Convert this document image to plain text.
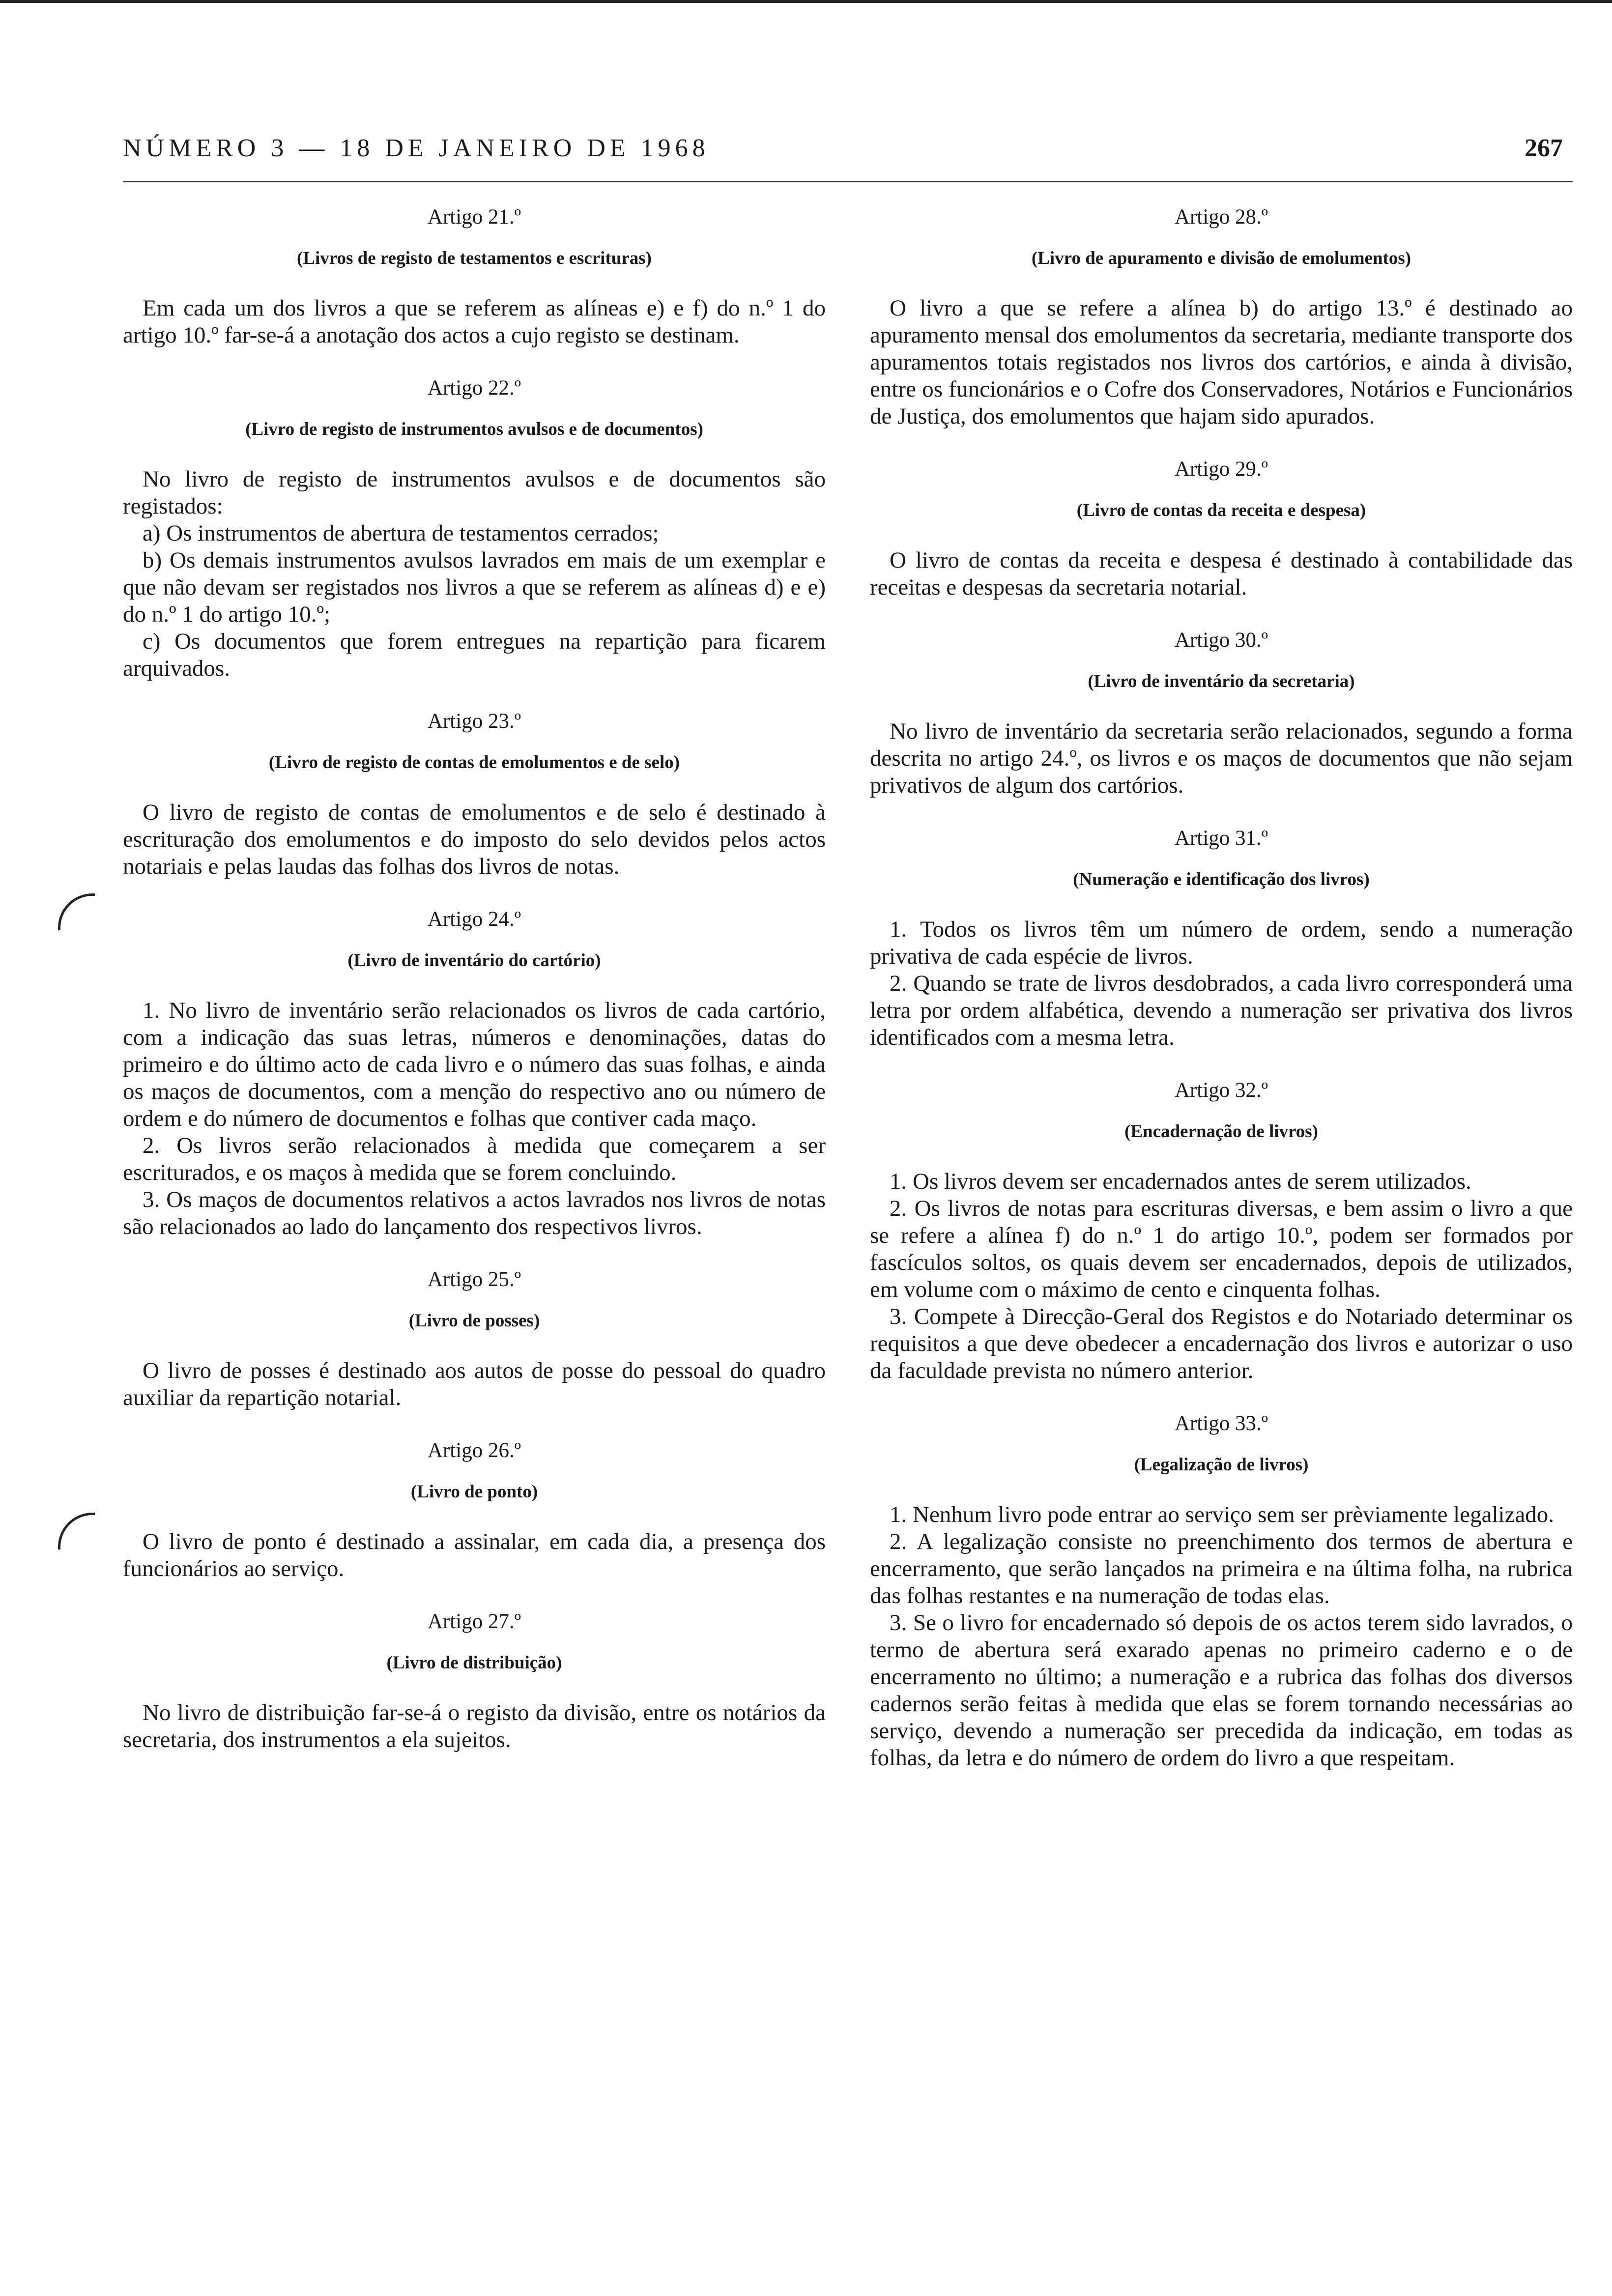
NÚMERO 3 — 18 DE JANEIRO DE 1968	267

Artigo 21.º

(Livros de registo de testamentos e escrituras)

Em cada um dos livros a que se referem as alíneas e) e f) do n.º 1 do artigo 10.º far-se-á a anotação dos actos a cujo registo se destinam.

Artigo 22.º

(Livro de registo de instrumentos avulsos e de documentos)

No livro de registo de instrumentos avulsos e de documentos são registados:

a) Os instrumentos de abertura de testamentos cerrados;

b) Os demais instrumentos avulsos lavrados em mais de um exemplar e que não devam ser registados nos livros a que se referem as alíneas d) e e) do n.º 1 do artigo 10.º;

c) Os documentos que forem entregues na repartição para ficarem arquivados.

Artigo 23.º

(Livro de registo de contas de emolumentos e de selo)

O livro de registo de contas de emolumentos e de selo é destinado à escrituração dos emolumentos e do imposto do selo devidos pelos actos notariais e pelas laudas das folhas dos livros de notas.

Artigo 24.º

(Livro de inventário do cartório)

1. No livro de inventário serão relacionados os livros de cada cartório, com a indicação das suas letras, números e denominações, datas do primeiro e do último acto de cada livro e o número das suas folhas, e ainda os maços de documentos, com a menção do respectivo ano ou número de ordem e do número de documentos e folhas que contiver cada maço.

2. Os livros serão relacionados à medida que começarem a ser escriturados, e os maços à medida que se forem concluindo.

3. Os maços de documentos relativos a actos lavrados nos livros de notas são relacionados ao lado do lançamento dos respectivos livros.

Artigo 25.º

(Livro de posses)

O livro de posses é destinado aos autos de posse do pessoal do quadro auxiliar da repartição notarial.

Artigo 26.º

(Livro de ponto)

O livro de ponto é destinado a assinalar, em cada dia, a presença dos funcionários ao serviço.

Artigo 27.º

(Livro de distribuição)

No livro de distribuição far-se-á o registo da divisão, entre os notários da secretaria, dos instrumentos a ela sujeitos.

Artigo 28.º

(Livro de apuramento e divisão de emolumentos)

O livro a que se refere a alínea b) do artigo 13.º é destinado ao apuramento mensal dos emolumentos da secretaria, mediante transporte dos apuramentos totais registados nos livros dos cartórios, e ainda à divisão, entre os funcionários e o Cofre dos Conservadores, Notários e Funcionários de Justiça, dos emolumentos que hajam sido apurados.

Artigo 29.º

(Livro de contas da receita e despesa)

O livro de contas da receita e despesa é destinado à contabilidade das receitas e despesas da secretaria notarial.

Artigo 30.º

(Livro de inventário da secretaria)

No livro de inventário da secretaria serão relacionados, segundo a forma descrita no artigo 24.º, os livros e os maços de documentos que não sejam privativos de algum dos cartórios.

Artigo 31.º

(Numeração e identificação dos livros)

1. Todos os livros têm um número de ordem, sendo a numeração privativa de cada espécie de livros.

2. Quando se trate de livros desdobrados, a cada livro corresponderá uma letra por ordem alfabética, devendo a numeração ser privativa dos livros identificados com a mesma letra.

Artigo 32.º

(Encadernação de livros)

1. Os livros devem ser encadernados antes de serem utilizados.

2. Os livros de notas para escrituras diversas, e bem assim o livro a que se refere a alínea f) do n.º 1 do artigo 10.º, podem ser formados por fascículos soltos, os quais devem ser encadernados, depois de utilizados, em volume com o máximo de cento e cinquenta folhas.

3. Compete à Direcção-Geral dos Registos e do Notariado determinar os requisitos a que deve obedecer a encadernação dos livros e autorizar o uso da faculdade prevista no número anterior.

Artigo 33.º

(Legalização de livros)

1. Nenhum livro pode entrar ao serviço sem ser prèviamente legalizado.

2. A legalização consiste no preenchimento dos termos de abertura e encerramento, que serão lançados na primeira e na última folha, na rubrica das folhas restantes e na numeração de todas elas.

3. Se o livro for encadernado só depois de os actos terem sido lavrados, o termo de abertura será exarado apenas no primeiro caderno e o de encerramento no último; a numeração e a rubrica das folhas dos diversos cadernos serão feitas à medida que elas se forem tornando necessárias ao serviço, devendo a numeração ser precedida da indicação, em todas as folhas, da letra e do número de ordem do livro a que respeitam.
